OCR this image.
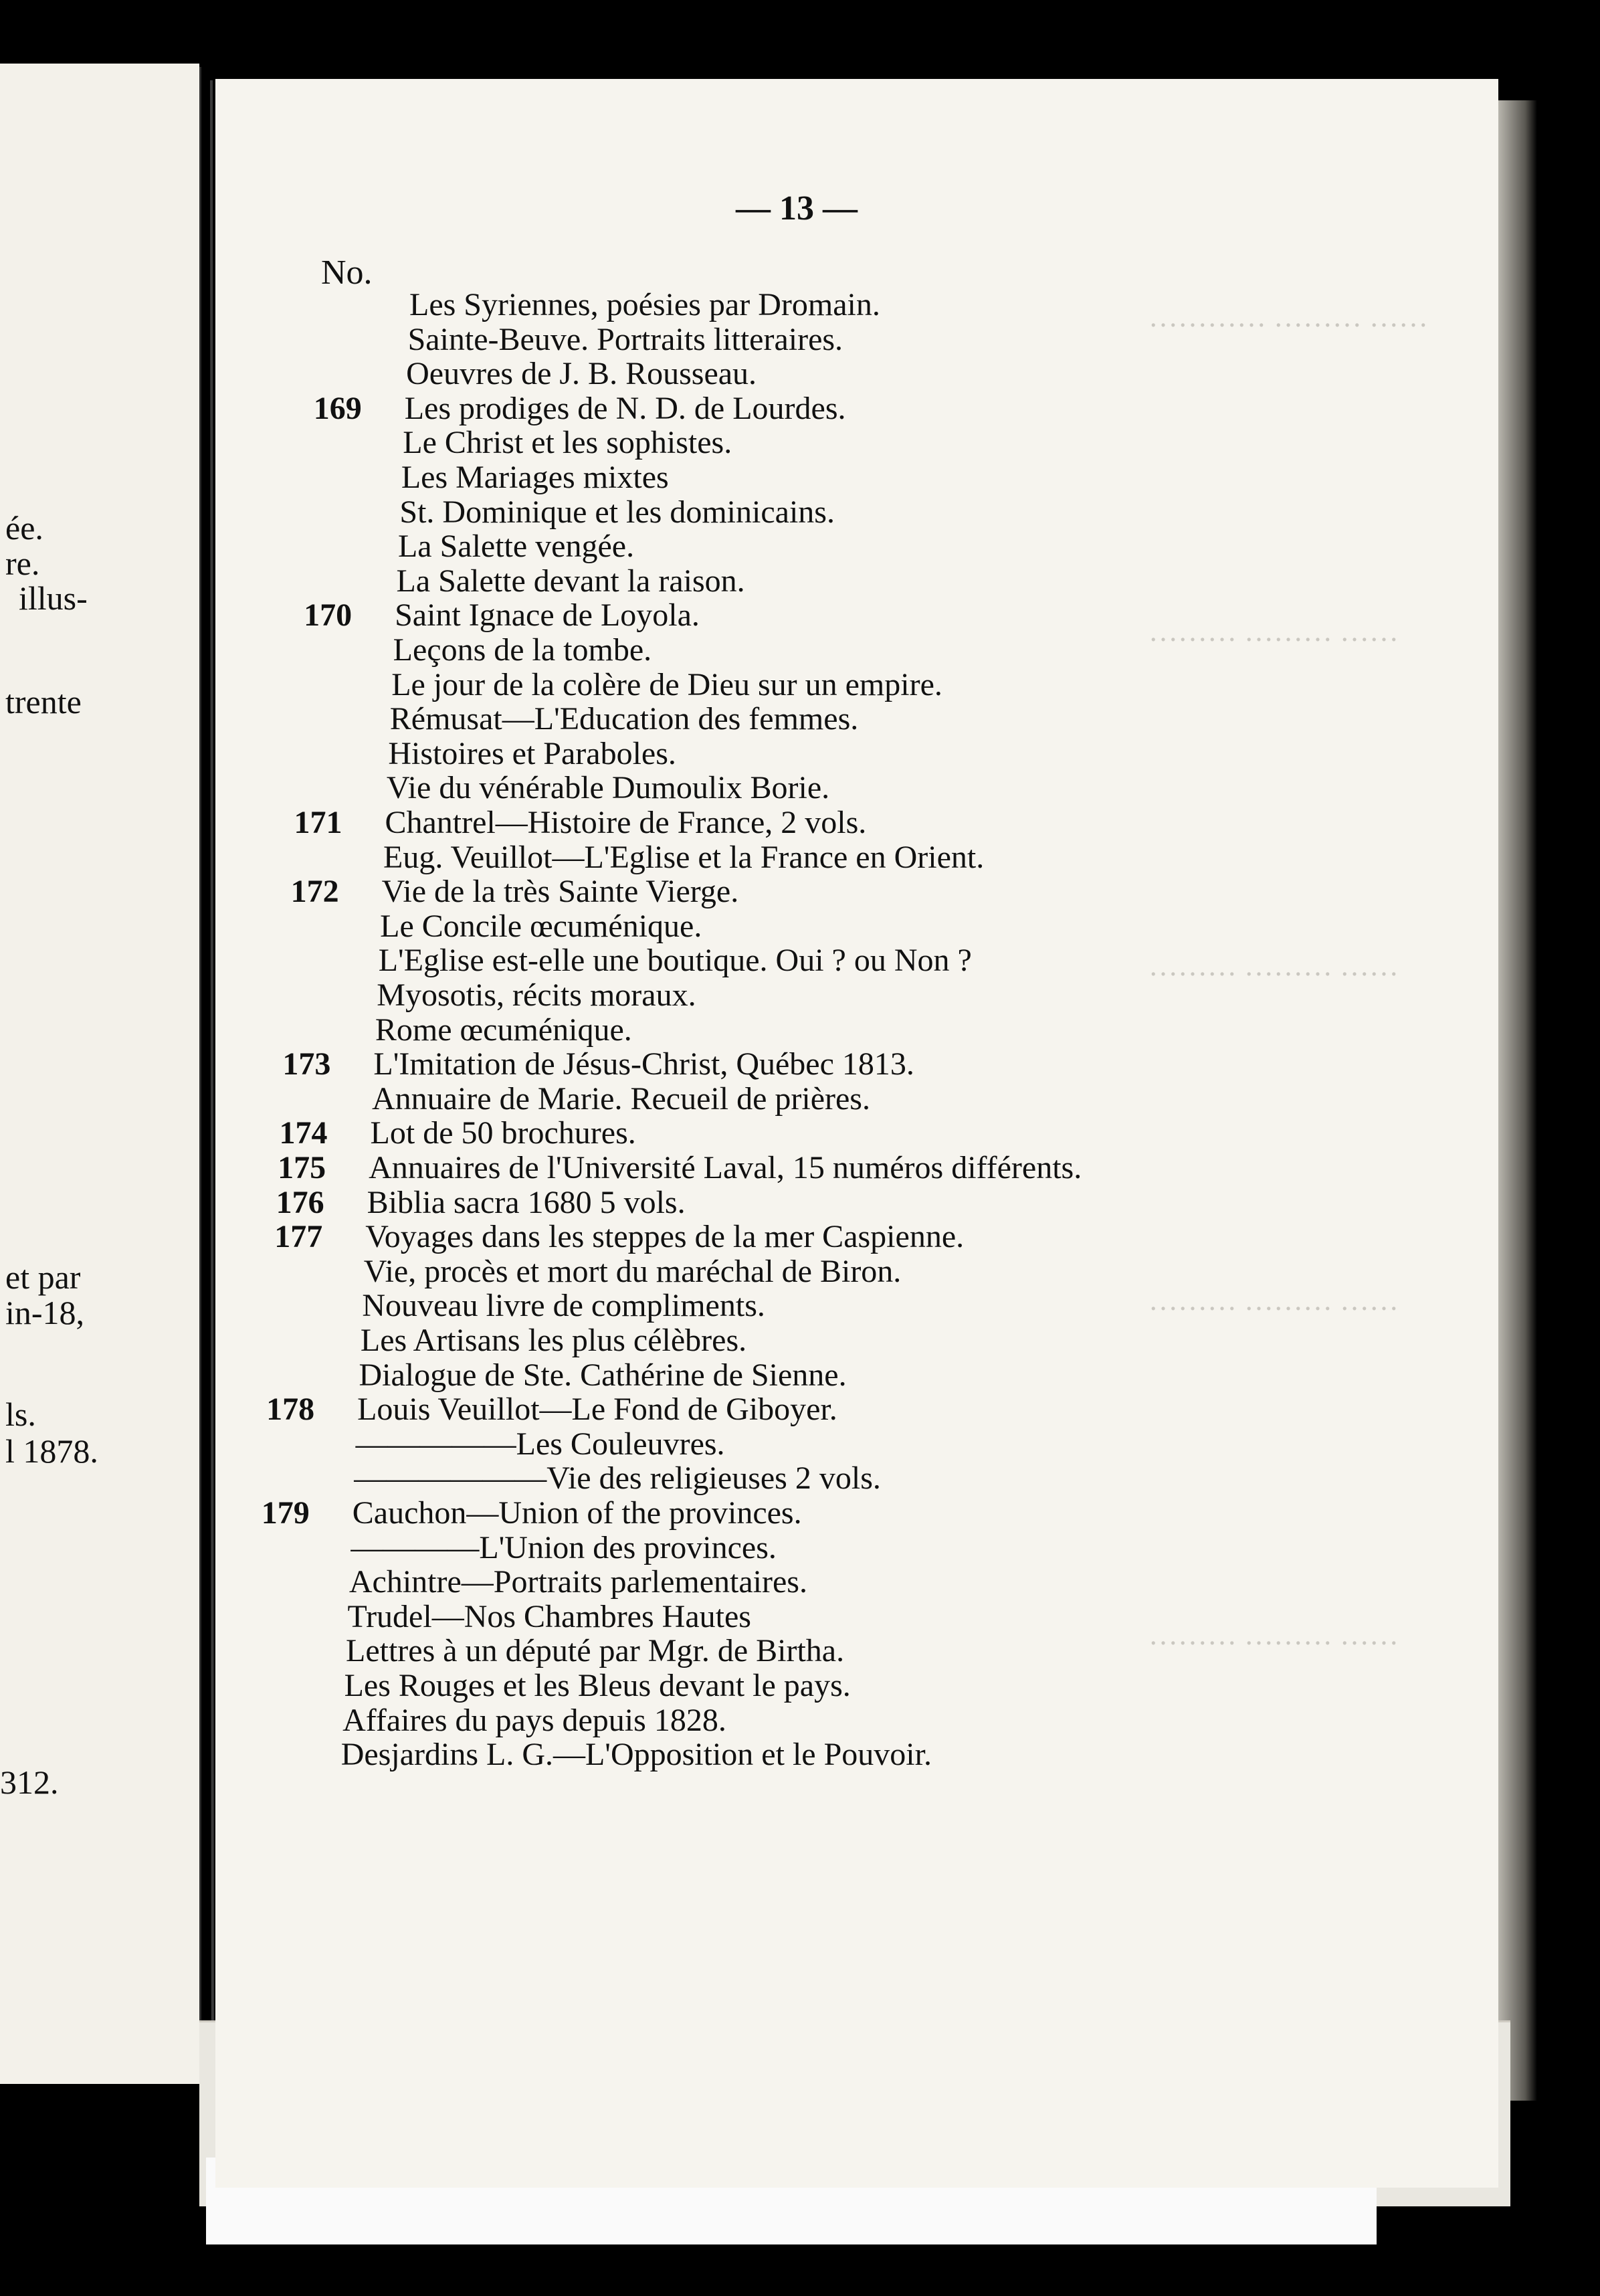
ée.
re.
illus-
trente
et par
in-18,
ls.
l 1878.
312.
………… ……… ……
……… ……… ……
……… ……… ……
……… ……… ……
……… ……… ……
— 13 —
No.
Les Syriennes, poésies par Dromain.
Sainte-Beuve. Portraits litteraires.
Oeuvres de J. B. Rousseau.
169	Les prodiges de N. D. de Lourdes.
Le Christ et les sophistes.
Les Mariages mixtes
St. Dominique et les dominicains.
La Salette vengée.
La Salette devant la raison.
170	Saint Ignace de Loyola.
Leçons de la tombe.
Le jour de la colère de Dieu sur un empire.
Rémusat—L'Education des femmes.
Histoires et Paraboles.
Vie du vénérable Dumoulix Borie.
171	Chantrel—Histoire de France, 2 vols.
Eug. Veuillot—L'Eglise et la France en Orient.
172	Vie de la très Sainte Vierge.
Le Concile œcuménique.
L'Eglise est-elle une boutique. Oui ? ou Non ?
Myosotis, récits moraux.
Rome œcuménique.
173	L'Imitation de Jésus-Christ, Québec 1813.
Annuaire de Marie. Recueil de prières.
174	Lot de 50 brochures.
175	Annuaires de l'Université Laval, 15 numéros différents.
176	Biblia sacra 1680 5 vols.
177	Voyages dans les steppes de la mer Caspienne.
Vie, procès et mort du maréchal de Biron.
Nouveau livre de compliments.
Les Artisans les plus célèbres.
Dialogue de Ste. Cathérine de Sienne.
178	Louis Veuillot—Le Fond de Giboyer.
—————Les Couleuvres.
——————Vie des religieuses 2 vols.
179	Cauchon—Union of the provinces.
————L'Union des provinces.
Achintre—Portraits parlementaires.
Trudel—Nos Chambres Hautes
Lettres à un député par Mgr. de Birtha.
Les Rouges et les Bleus devant le pays.
Affaires du pays depuis 1828.
Desjardins L. G.—L'Opposition et le Pouvoir.
